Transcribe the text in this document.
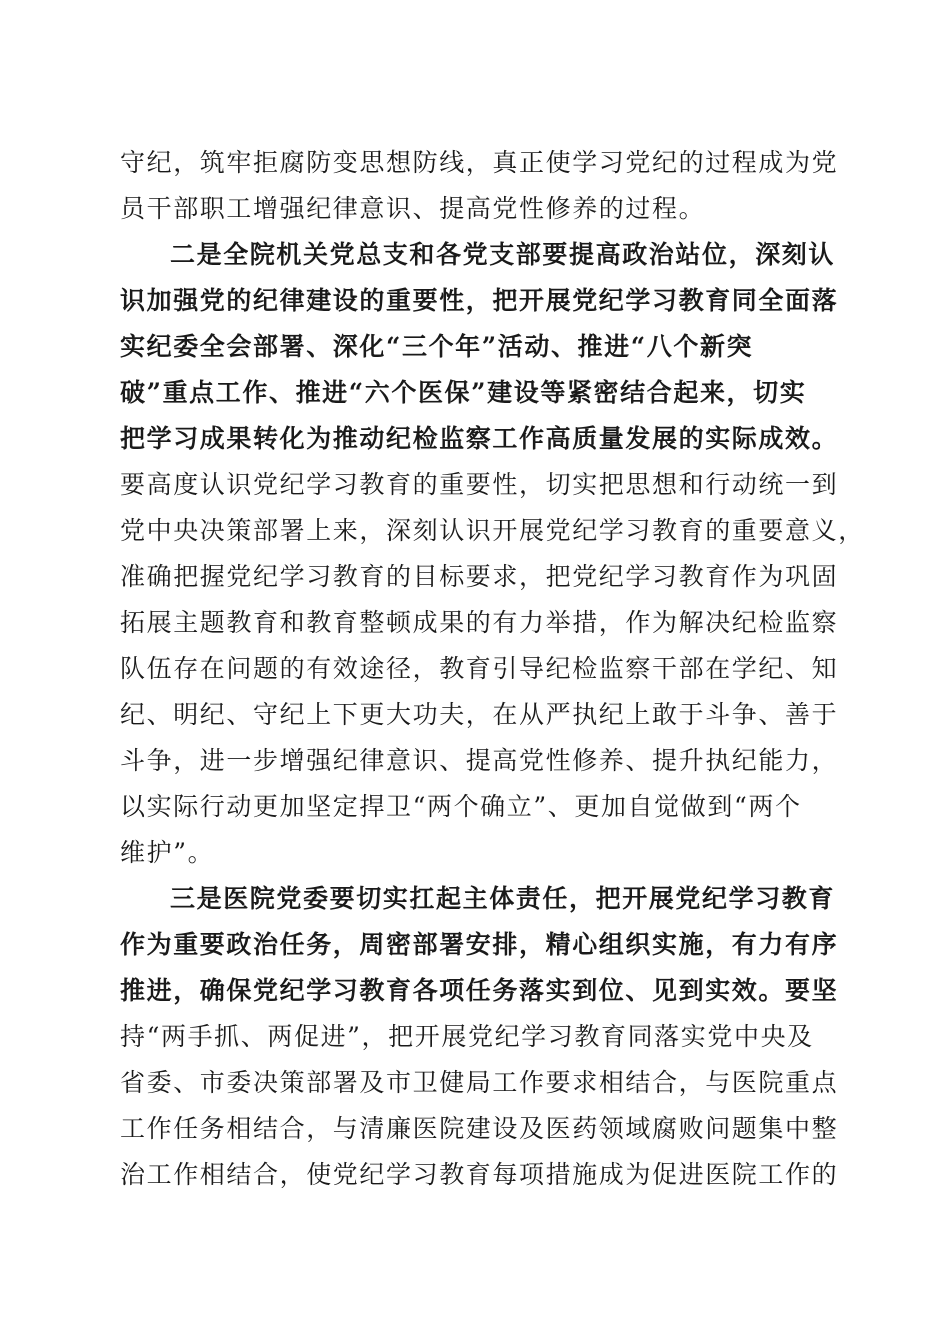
守纪，筑牢拒腐防变思想防线，真正使学习党纪的过程成为党
员干部职工增强纪律意识、提高党性修养的过程。
二是全院机关党总支和各党支部要提高政治站位，深刻认
识加强党的纪律建设的重要性，把开展党纪学习教育同全面落
实纪委全会部署、深化“三个年”活动、推进“八个新突
破”重点工作、推进“六个医保”建设等紧密结合起来，切实
把学习成果转化为推动纪检监察工作高质量发展的实际成效。
要高度认识党纪学习教育的重要性，切实把思想和行动统一到
党中央决策部署上来，深刻认识开展党纪学习教育的重要意义，
准确把握党纪学习教育的目标要求，把党纪学习教育作为巩固
拓展主题教育和教育整顿成果的有力举措，作为解决纪检监察
队伍存在问题的有效途径，教育引导纪检监察干部在学纪、知
纪、明纪、守纪上下更大功夫，在从严执纪上敢于斗争、善于
斗争，进一步增强纪律意识、提高党性修养、提升执纪能力，
以实际行动更加坚定捍卫“两个确立”、更加自觉做到“两个
维护”。
三是医院党委要切实扛起主体责任，把开展党纪学习教育
作为重要政治任务，周密部署安排，精心组织实施，有力有序
推进，确保党纪学习教育各项任务落实到位、见到实效。要坚
持“两手抓、两促进”，把开展党纪学习教育同落实党中央及
省委、市委决策部署及市卫健局工作要求相结合，与医院重点
工作任务相结合，与清廉医院建设及医药领域腐败问题集中整
治工作相结合，使党纪学习教育每项措施成为促进医院工作的
